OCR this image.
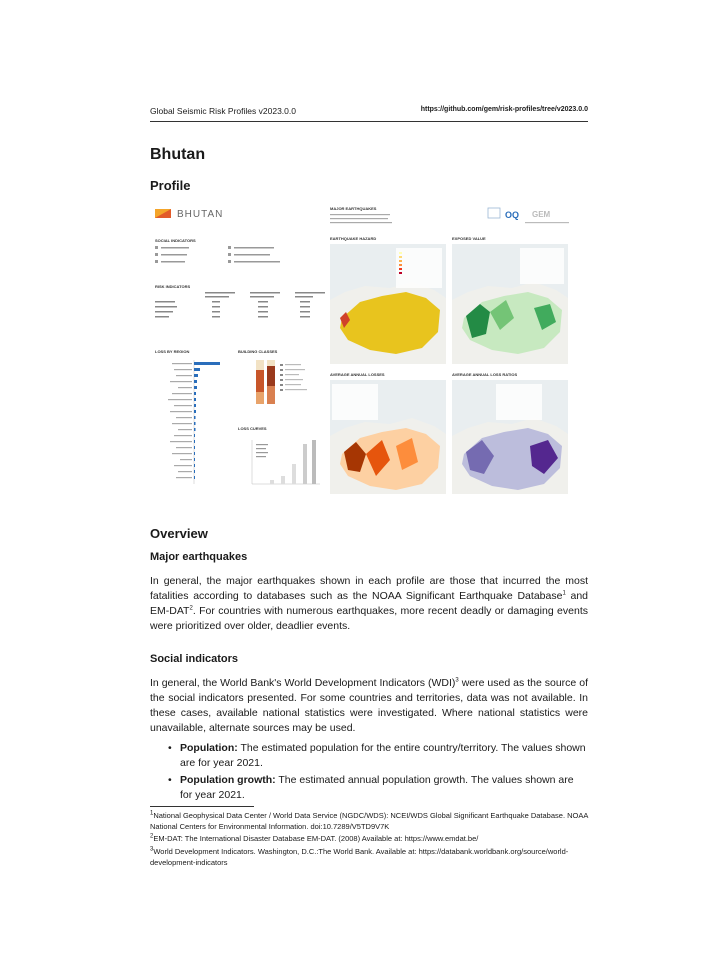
Global Seismic Risk Profiles v2023.0.0	https://github.com/gem/risk-profiles/tree/v2023.0.0
Bhutan
Profile
BHUTAN
SOCIAL INDICATORS
RISK INDICATORS
LOSS BY REGION	BUILDING CLASSES
LOSS CURVES
MAJOR EARTHQUAKES
OQ GEM
EARTHQUAKE HAZARD	EXPOSED VALUE
AVERAGE ANNUAL LOSSES	AVERAGE ANNUAL LOSS RATIOS
Overview
Major earthquakes

In general, the major earthquakes shown in each profile are those that incurred the most fatalities according to databases such as the NOAA Significant Earthquake Database$^1$ and EM-DAT$^2$. For countries with numerous earthquakes, more recent deadly or damaging events were prioritized over older, deadlier events.

Social indicators

In general, the World Bank's World Development Indicators (WDI)$^3$ were used as the source of the social indicators presented. For some countries and territories, data was not available. In these cases, available national statistics were investigated. Where national statistics were unavailable, alternate sources may be used.

• Population: The estimated population for the entire country/territory. The values shown are for year 2021.
• Population growth: The estimated annual population growth. The values shown are for year 2021.
$^1$National Geophysical Data Center / World Data Service (NGDC/WDS): NCEI/WDS Global Significant Earthquake Database. NOAA National Centers for Environmental Information. doi:10.7289/V5TD9V7K
$^2$EM-DAT: The International Disaster Database EM-DAT. (2008) Available at: https://www.emdat.be/
$^3$World Development Indicators. Washington, D.C.:The World Bank. Available at: https://databank.worldbank.org/source/world-development-indicators
